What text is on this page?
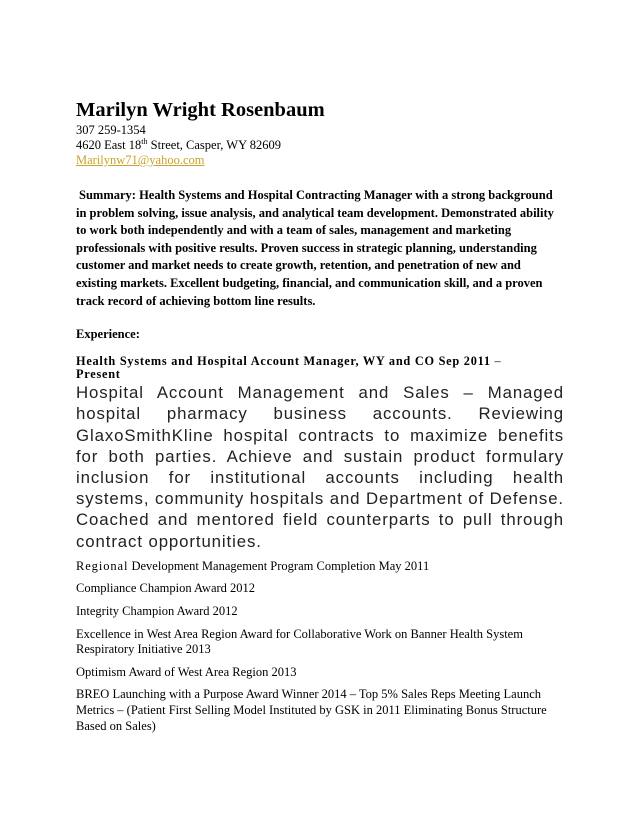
Marilyn Wright Rosenbaum
307 259-1354
4620 East 18th Street, Casper, WY 82609
Marilynw71@yahoo.com
Summary: Health Systems and Hospital Contracting Manager with a strong background in problem solving, issue analysis, and analytical team development. Demonstrated ability to work both independently and with a team of sales, management and marketing professionals with positive results. Proven success in strategic planning, understanding customer and market needs to create growth, retention, and penetration of new and existing markets. Excellent budgeting, financial, and communication skill, and a proven track record of achieving bottom line results.
Experience:
Health Systems and Hospital Account Manager, WY and CO Sep 2011 –
Present
Hospital Account Management and Sales – Managed hospital pharmacy business accounts. Reviewing GlaxoSmithKline hospital contracts to maximize benefits for both parties. Achieve and sustain product formulary inclusion for institutional accounts including health systems, community hospitals and Department of Defense. Coached and mentored field counterparts to pull through contract opportunities.
Regional Development Management Program Completion May 2011
Compliance Champion Award 2012
Integrity Champion Award 2012
Excellence in West Area Region Award for Collaborative Work on Banner Health System Respiratory Initiative 2013
Optimism Award of West Area Region 2013
BREO Launching with a Purpose Award Winner 2014 – Top 5% Sales Reps Meeting Launch Metrics – (Patient First Selling Model Instituted by GSK in 2011 Eliminating Bonus Structure Based on Sales)
